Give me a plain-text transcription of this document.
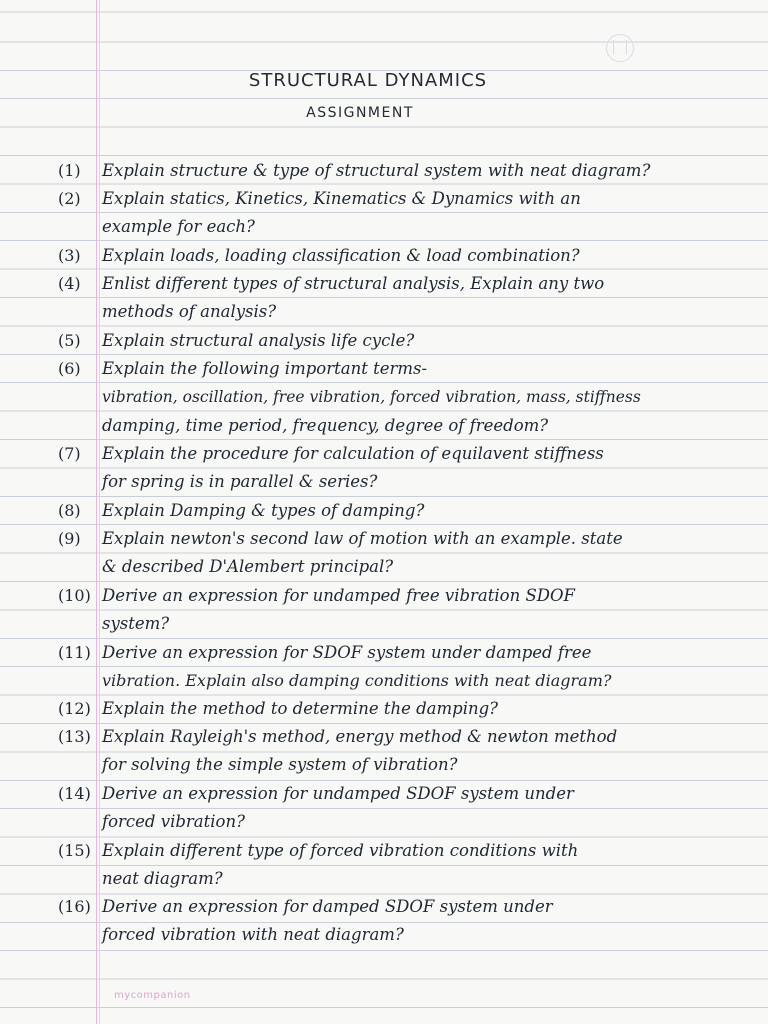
STRUCTURAL DYNAMICS
ASSIGNMENT
(1) Explain structure & type of structural system with neat diagram?
(2) Explain statics, Kinetics, Kinematics & Dynamics with an
example for each?
(3) Explain loads, loading classification & load combination?
(4) Enlist different types of structural analysis, Explain any two
methods of analysis?
(5) Explain structural analysis life cycle?
(6) Explain the following important terms-
vibration, oscillation, free vibration, forced vibration, mass, stiffness
damping, time period, frequency, degree of freedom?
(7) Explain the procedure for calculation of equilavent stiffness
for spring is in parallel & series?
(8) Explain Damping & types of damping?
(9) Explain newton's second law of motion with an example. state
& described D'Alembert principal?
(10) Derive an expression for undamped free vibration SDOF
system?
(11) Derive an expression for SDOF system under damped free
vibration. Explain also damping conditions with neat diagram?
(12) Explain the method to determine the damping?
(13) Explain Rayleigh's method, energy method & newton method
for solving the simple system of vibration?
(14) Derive an expression for undamped SDOF system under
forced vibration?
(15) Explain different type of forced vibration conditions with
neat diagram?
(16) Derive an expression for damped SDOF system under
forced vibration with neat diagram?
mycompanion
